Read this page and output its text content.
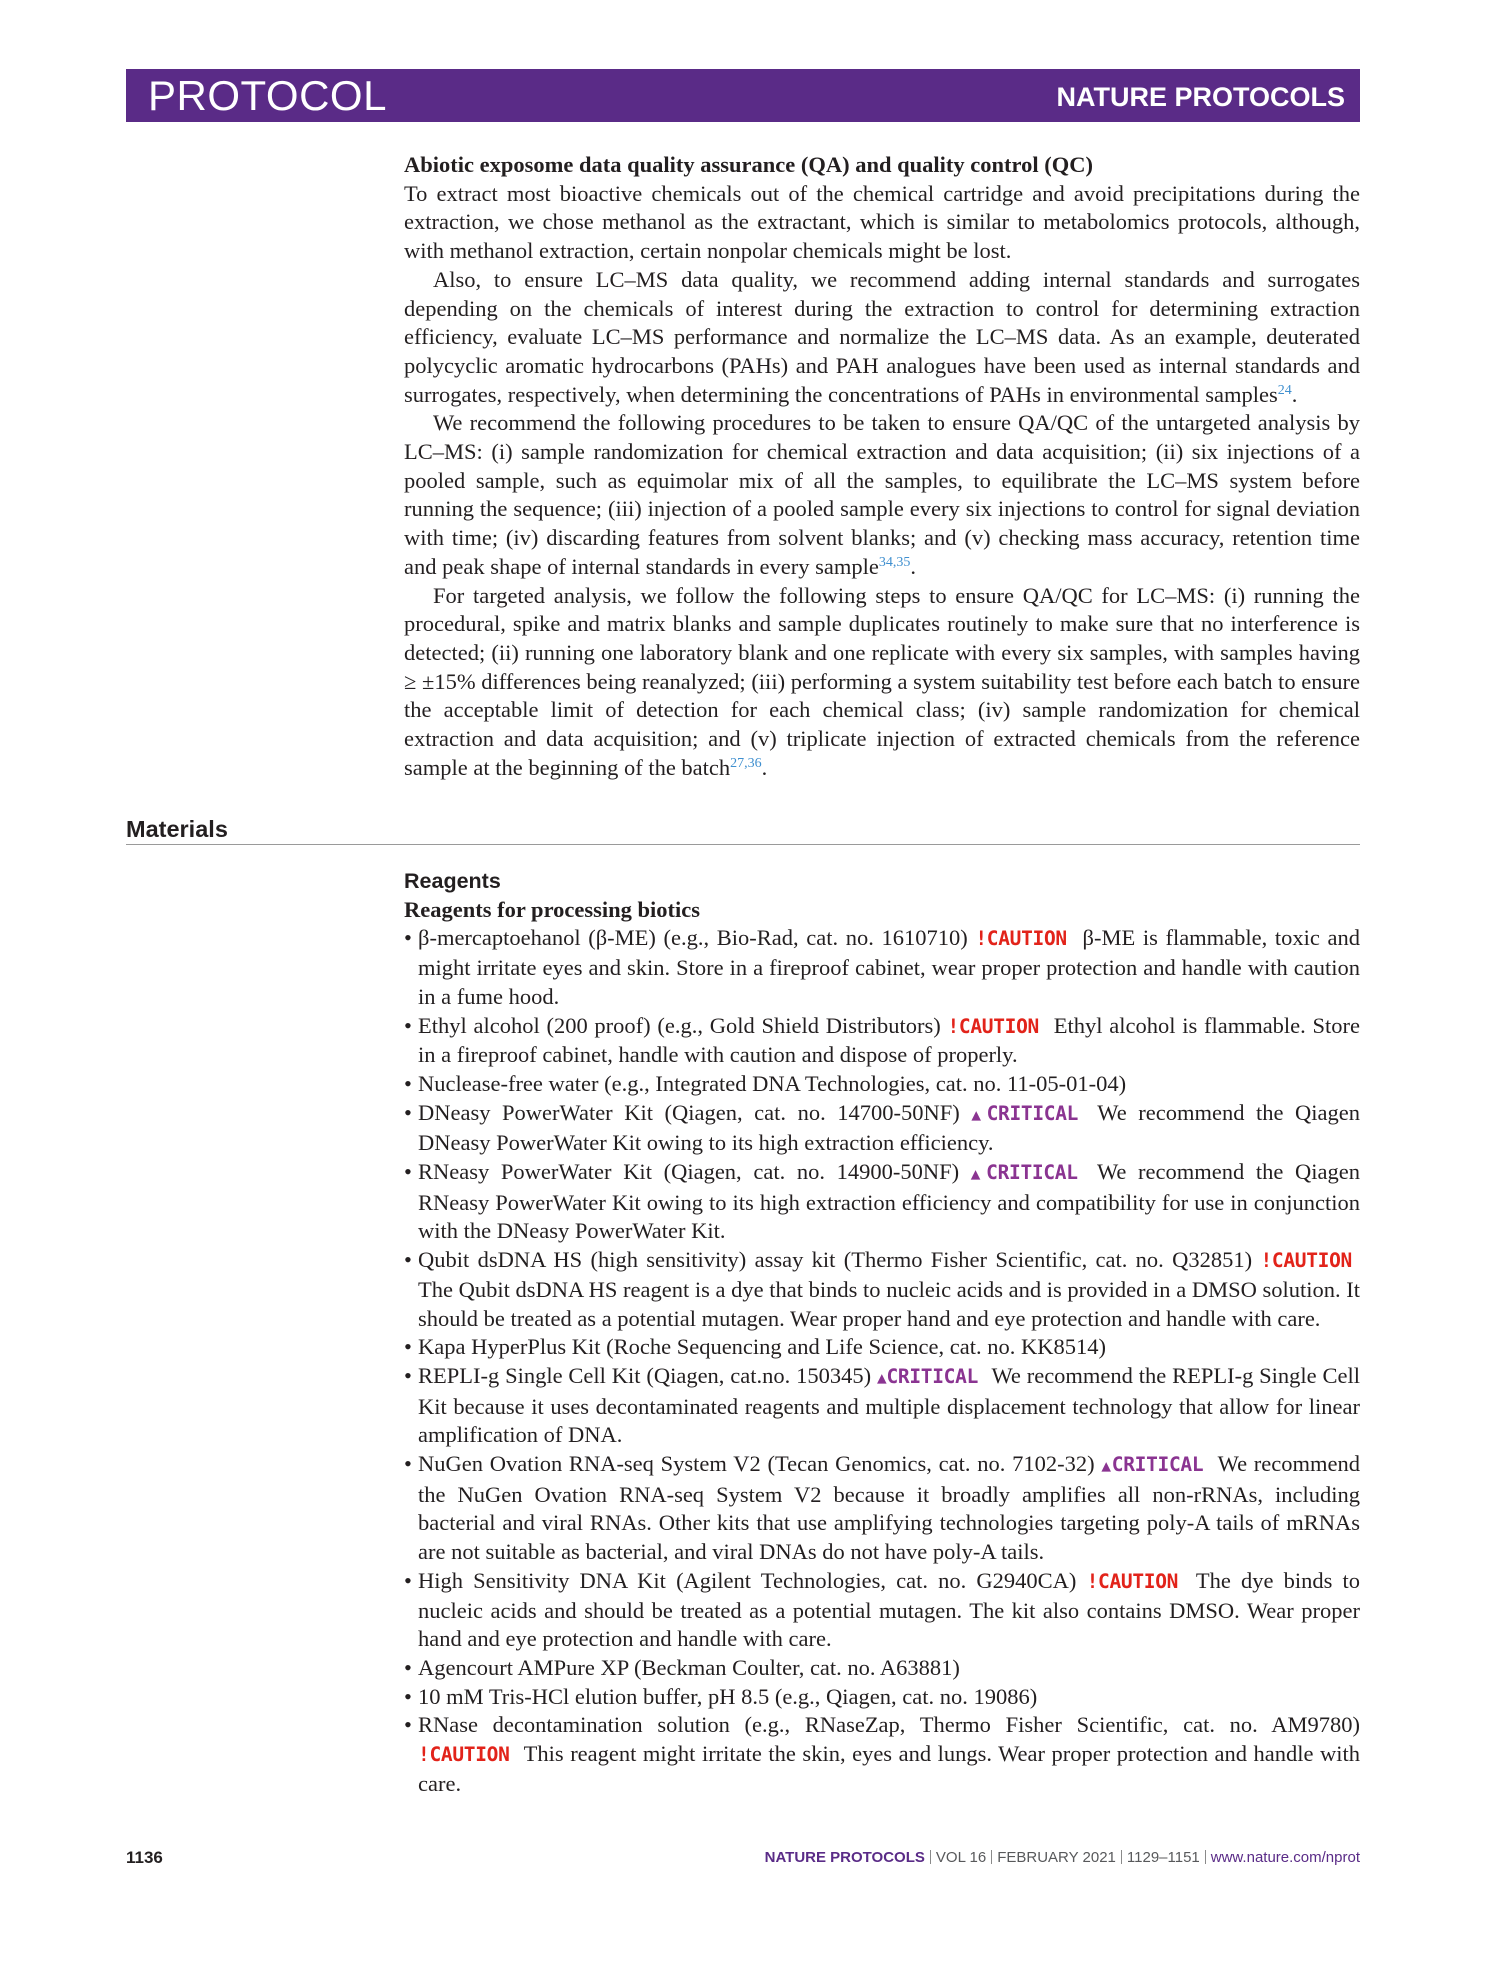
PROTOCOL	NATURE PROTOCOLS
Abiotic exposome data quality assurance (QA) and quality control (QC)

To extract most bioactive chemicals out of the chemical cartridge and avoid precipitations during the extraction, we chose methanol as the extractant, which is similar to metabolomics protocols, although, with methanol extraction, certain nonpolar chemicals might be lost.

Also, to ensure LC–MS data quality, we recommend adding internal standards and surrogates depending on the chemicals of interest during the extraction to control for determining extraction efficiency, evaluate LC–MS performance and normalize the LC–MS data. As an example, deuterated polycyclic aromatic hydrocarbons (PAHs) and PAH analogues have been used as internal standards and surrogates, respectively, when determining the concentrations of PAHs in environmental samples$^{24}$.

We recommend the following procedures to be taken to ensure QA/QC of the untargeted analysis by LC–MS: (i) sample randomization for chemical extraction and data acquisition; (ii) six injections of a pooled sample, such as equimolar mix of all the samples, to equilibrate the LC–MS system before running the sequence; (iii) injection of a pooled sample every six injections to control for signal deviation with time; (iv) discarding features from solvent blanks; and (v) checking mass accuracy, retention time and peak shape of internal standards in every sample$^{34,35}$.

For targeted analysis, we follow the following steps to ensure QA/QC for LC–MS: (i) running the procedural, spike and matrix blanks and sample duplicates routinely to make sure that no interference is detected; (ii) running one laboratory blank and one replicate with every six samples, with samples having ≥ ±15% differences being reanalyzed; (iii) performing a system suitability test before each batch to ensure the acceptable limit of detection for each chemical class; (iv) sample randomization for chemical extraction and data acquisition; and (v) triplicate injection of extracted chemicals from the reference sample at the beginning of the batch$^{27,36}$.

Materials
Reagents
Reagents for processing biotics
• β-mercaptoehanol (β-ME) (e.g., Bio-Rad, cat. no. 1610710) !CAUTION β-ME is flammable, toxic and might irritate eyes and skin. Store in a fireproof cabinet, wear proper protection and handle with caution in a fume hood.
• Ethyl alcohol (200 proof) (e.g., Gold Shield Distributors) !CAUTION Ethyl alcohol is flammable. Store in a fireproof cabinet, handle with caution and dispose of properly.
• Nuclease-free water (e.g., Integrated DNA Technologies, cat. no. 11-05-01-04)
• DNeasy PowerWater Kit (Qiagen, cat. no. 14700-50NF) ▲CRITICAL We recommend the Qiagen DNeasy PowerWater Kit owing to its high extraction efficiency.
• RNeasy PowerWater Kit (Qiagen, cat. no. 14900-50NF) ▲CRITICAL We recommend the Qiagen RNeasy PowerWater Kit owing to its high extraction efficiency and compatibility for use in conjunction with the DNeasy PowerWater Kit.
• Qubit dsDNA HS (high sensitivity) assay kit (Thermo Fisher Scientific, cat. no. Q32851) !CAUTION The Qubit dsDNA HS reagent is a dye that binds to nucleic acids and is provided in a DMSO solution. It should be treated as a potential mutagen. Wear proper hand and eye protection and handle with care.
• Kapa HyperPlus Kit (Roche Sequencing and Life Science, cat. no. KK8514)
• REPLI-g Single Cell Kit (Qiagen, cat.no. 150345) ▲CRITICAL We recommend the REPLI-g Single Cell Kit because it uses decontaminated reagents and multiple displacement technology that allow for linear amplification of DNA.
• NuGen Ovation RNA-seq System V2 (Tecan Genomics, cat. no. 7102-32) ▲CRITICAL We recommend the NuGen Ovation RNA-seq System V2 because it broadly amplifies all non-rRNAs, including bacterial and viral RNAs. Other kits that use amplifying technologies targeting poly-A tails of mRNAs are not suitable as bacterial, and viral DNAs do not have poly-A tails.
• High Sensitivity DNA Kit (Agilent Technologies, cat. no. G2940CA) !CAUTION The dye binds to nucleic acids and should be treated as a potential mutagen. The kit also contains DMSO. Wear proper hand and eye protection and handle with care.
• Agencourt AMPure XP (Beckman Coulter, cat. no. A63881)
• 10 mM Tris-HCl elution buffer, pH 8.5 (e.g., Qiagen, cat. no. 19086)
• RNase decontamination solution (e.g., RNaseZap, Thermo Fisher Scientific, cat. no. AM9780) !CAUTION This reagent might irritate the skin, eyes and lungs. Wear proper protection and handle with care.
1136	NATURE PROTOCOLS VOL 16 FEBRUARY 2021 1129–1151 www.nature.com/nprot
